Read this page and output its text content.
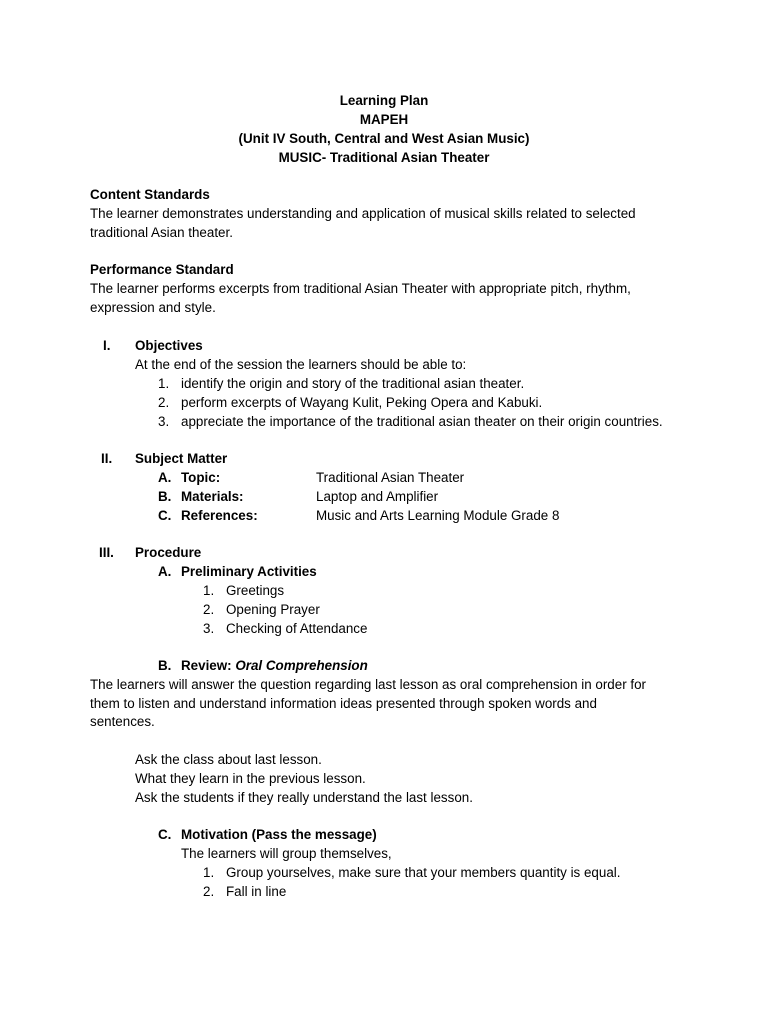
Learning Plan
MAPEH
(Unit IV South, Central and West Asian Music)
MUSIC- Traditional Asian Theater
Content Standards
The learner demonstrates understanding and application of musical skills related to selected
traditional Asian theater.
Performance Standard
The learner performs excerpts from traditional Asian Theater with appropriate pitch, rhythm,
expression and style.
I. Objectives
At the end of the session the learners should be able to:
1. identify the origin and story of the traditional asian theater.
2. perform excerpts of Wayang Kulit, Peking Opera and Kabuki.
3. appreciate the importance of the traditional asian theater on their origin countries.
II. Subject Matter
A. Topic:	Traditional Asian Theater
B. Materials:	Laptop and Amplifier
C. References:	Music and Arts Learning Module Grade 8
III. Procedure
A. Preliminary Activities
1. Greetings
2. Opening Prayer
3. Checking of Attendance
B. Review: Oral Comprehension
The learners will answer the question regarding last lesson as oral comprehension in order for
them to listen and understand information ideas presented through spoken words and
sentences.
Ask the class about last lesson.
What they learn in the previous lesson.
Ask the students if they really understand the last lesson.
C. Motivation (Pass the message)
The learners will group themselves,
1. Group yourselves, make sure that your members quantity is equal.
2. Fall in line
